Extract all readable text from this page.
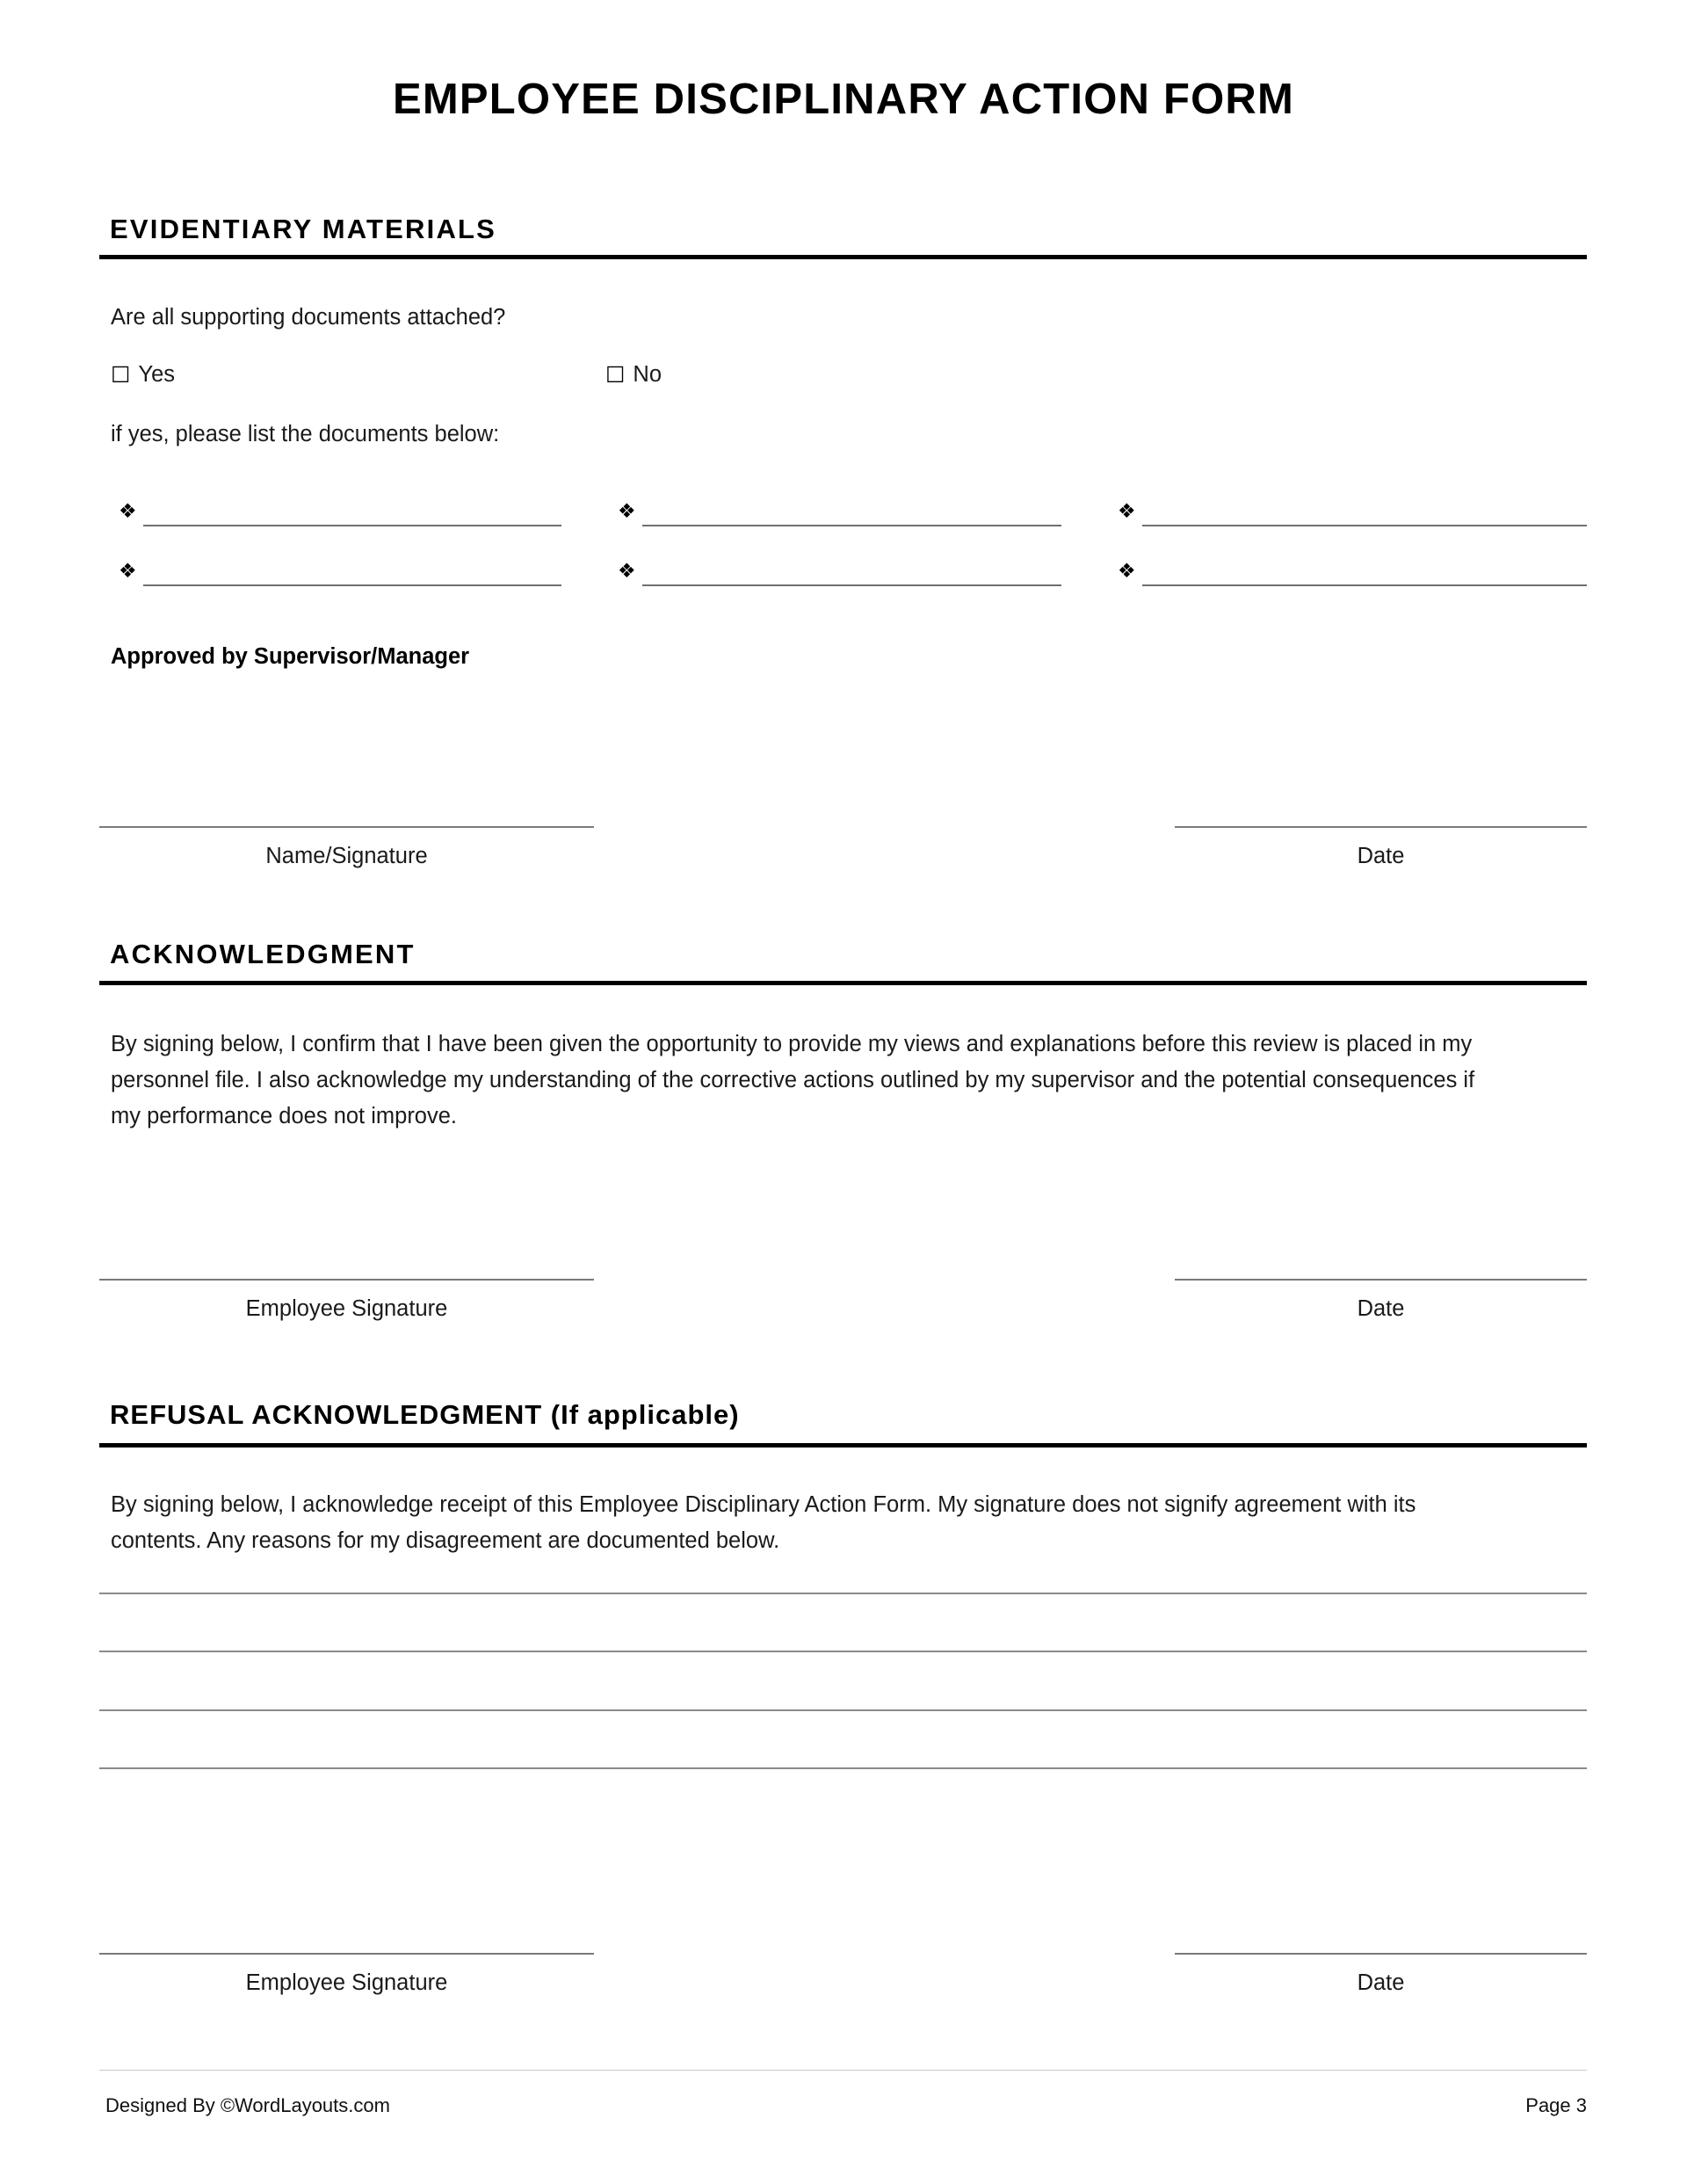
EMPLOYEE DISCIPLINARY ACTION FORM
EVIDENTIARY MATERIALS
Are all supporting documents attached?
☐ Yes	☐ No
if yes, please list the documents below:
❖	❖	❖
❖	❖	❖
Approved by Supervisor/Manager
Name/Signature	Date
ACKNOWLEDGMENT
By signing below, I confirm that I have been given the opportunity to provide my views and explanations before this review is placed in my personnel file. I also acknowledge my understanding of the corrective actions outlined by my supervisor and the potential consequences if my performance does not improve.
Employee Signature	Date
REFUSAL ACKNOWLEDGMENT (If applicable)
By signing below, I acknowledge receipt of this Employee Disciplinary Action Form. My signature does not signify agreement with its contents. Any reasons for my disagreement are documented below.
Employee Signature	Date
Designed By ©WordLayouts.com	Page 3
